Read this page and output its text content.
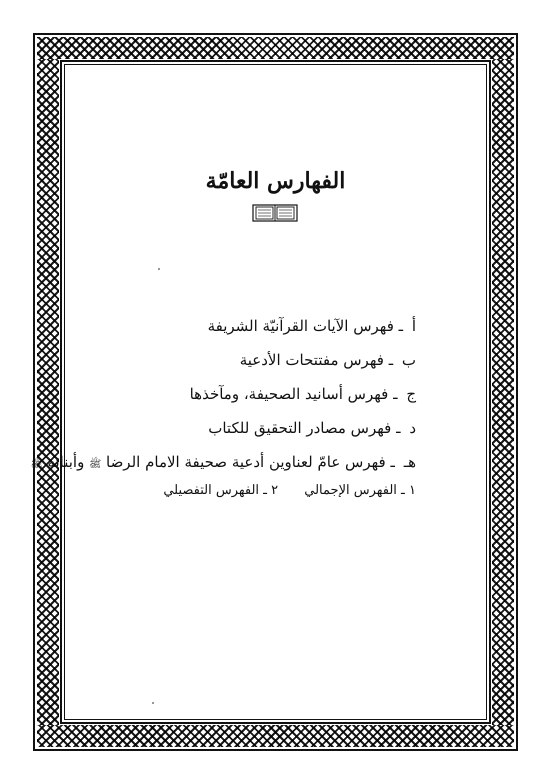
الفهارس العامّة
أ ـ فهرس الآيات القرآنيّة الشريفة
ب ـ فهرس مفتتحات الأدعية
ج ـ فهرس أسانيد الصحيفة، ومآخذها
د ـ فهرس مصادر التحقيق للكتاب
هـ ـ فهرس عامّ لعناوين أدعية صحيفة الامام الرضا ﷺ وأبنائه ﷺ
١ ـ الفهرس الإجمالي ٢ ـ الفهرس التفصيلي
